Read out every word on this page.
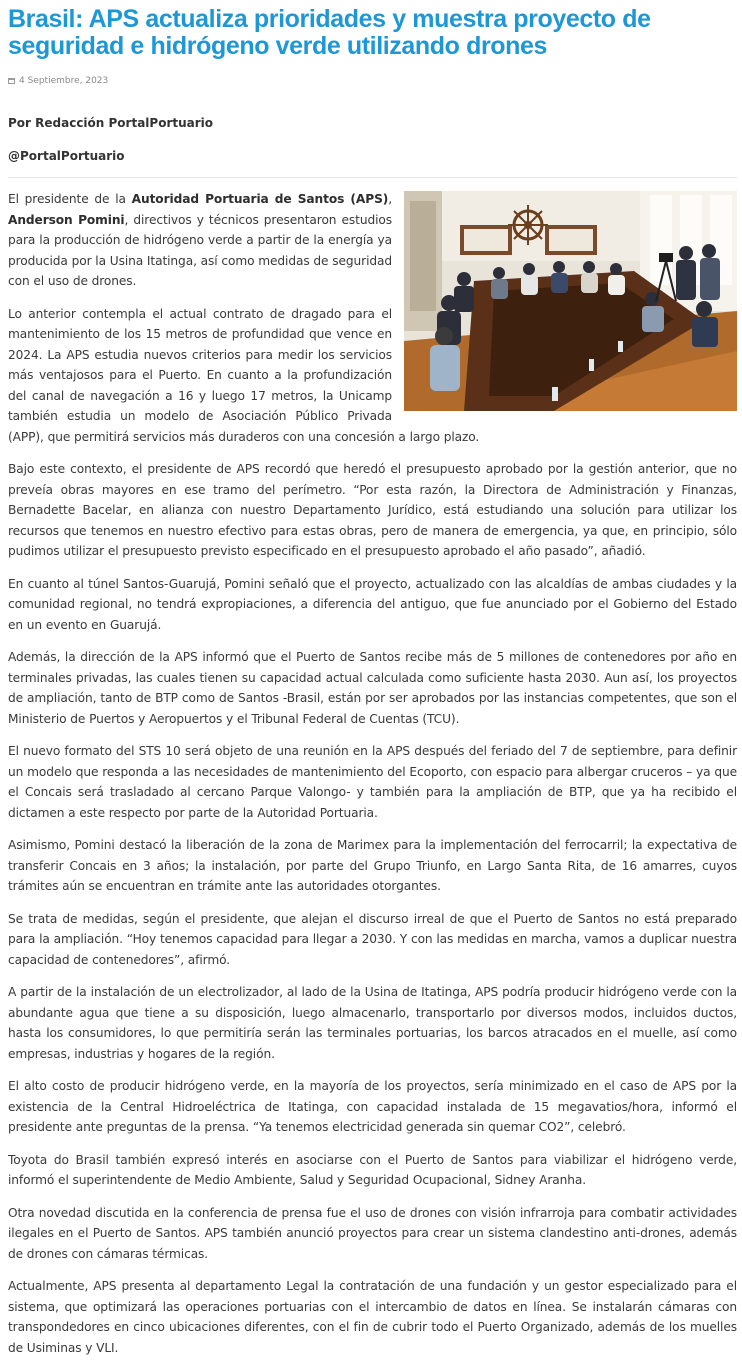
Brasil: APS actualiza prioridades y muestra proyecto de seguridad e hidrógeno verde utilizando drones
4 Septiembre, 2023
Por Redacción PortalPortuario
@PortalPortuario

El presidente de la Autoridad Portuaria de Santos (APS), Anderson Pomini, directivos y técnicos presentaron estudios para la producción de hidrógeno verde a partir de la energía ya producida por la Usina Itatinga, así como medidas de seguridad con el uso de drones.

Lo anterior contempla el actual contrato de dragado para el mantenimiento de los 15 metros de profundidad que vence en 2024. La APS estudia nuevos criterios para medir los servicios más ventajosos para el Puerto. En cuanto a la profundización del canal de navegación a 16 y luego 17 metros, la Unicamp también estudia un modelo de Asociación Público Privada (APP), que permitirá servicios más duraderos con una concesión a largo plazo.

Bajo este contexto, el presidente de APS recordó que heredó el presupuesto aprobado por la gestión anterior, que no preveía obras mayores en ese tramo del perímetro. “Por esta razón, la Directora de Administración y Finanzas, Bernadette Bacelar, en alianza con nuestro Departamento Jurídico, está estudiando una solución para utilizar los recursos que tenemos en nuestro efectivo para estas obras, pero de manera de emergencia, ya que, en principio, sólo pudimos utilizar el presupuesto previsto especificado en el presupuesto aprobado el año pasado”, añadió.

En cuanto al túnel Santos-Guarujá, Pomini señaló que el proyecto, actualizado con las alcaldías de ambas ciudades y la comunidad regional, no tendrá expropiaciones, a diferencia del antiguo, que fue anunciado por el Gobierno del Estado en un evento en Guarujá.

Además, la dirección de la APS informó que el Puerto de Santos recibe más de 5 millones de contenedores por año en terminales privadas, las cuales tienen su capacidad actual calculada como suficiente hasta 2030. Aun así, los proyectos de ampliación, tanto de BTP como de Santos -Brasil, están por ser aprobados por las instancias competentes, que son el Ministerio de Puertos y Aeropuertos y el Tribunal Federal de Cuentas (TCU).

El nuevo formato del STS 10 será objeto de una reunión en la APS después del feriado del 7 de septiembre, para definir un modelo que responda a las necesidades de mantenimiento del Ecoporto, con espacio para albergar cruceros – ya que el Concais será trasladado al cercano Parque Valongo- y también para la ampliación de BTP, que ya ha recibido el dictamen a este respecto por parte de la Autoridad Portuaria.

Asimismo, Pomini destacó la liberación de la zona de Marimex para la implementación del ferrocarril; la expectativa de transferir Concais en 3 años; la instalación, por parte del Grupo Triunfo, en Largo Santa Rita, de 16 amarres, cuyos trámites aún se encuentran en trámite ante las autoridades otorgantes.

Se trata de medidas, según el presidente, que alejan el discurso irreal de que el Puerto de Santos no está preparado para la ampliación. “Hoy tenemos capacidad para llegar a 2030. Y con las medidas en marcha, vamos a duplicar nuestra capacidad de contenedores”, afirmó.

A partir de la instalación de un electrolizador, al lado de la Usina de Itatinga, APS podría producir hidrógeno verde con la abundante agua que tiene a su disposición, luego almacenarlo, transportarlo por diversos modos, incluidos ductos, hasta los consumidores, lo que permitiría serán las terminales portuarias, los barcos atracados en el muelle, así como empresas, industrias y hogares de la región.

El alto costo de producir hidrógeno verde, en la mayoría de los proyectos, sería minimizado en el caso de APS por la existencia de la Central Hidroeléctrica de Itatinga, con capacidad instalada de 15 megavatios/hora, informó el presidente ante preguntas de la prensa. “Ya tenemos electricidad generada sin quemar CO2”, celebró.

Toyota do Brasil también expresó interés en asociarse con el Puerto de Santos para viabilizar el hidrógeno verde, informó el superintendente de Medio Ambiente, Salud y Seguridad Ocupacional, Sidney Aranha.

Otra novedad discutida en la conferencia de prensa fue el uso de drones con visión infrarroja para combatir actividades ilegales en el Puerto de Santos. APS también anunció proyectos para crear un sistema clandestino anti-drones, además de drones con cámaras térmicas.

Actualmente, APS presenta al departamento Legal la contratación de una fundación y un gestor especializado para el sistema, que optimizará las operaciones portuarias con el intercambio de datos en línea. Se instalarán cámaras con transpondedores en cinco ubicaciones diferentes, con el fin de cubrir todo el Puerto Organizado, además de los muelles de Usiminas y VLI.
